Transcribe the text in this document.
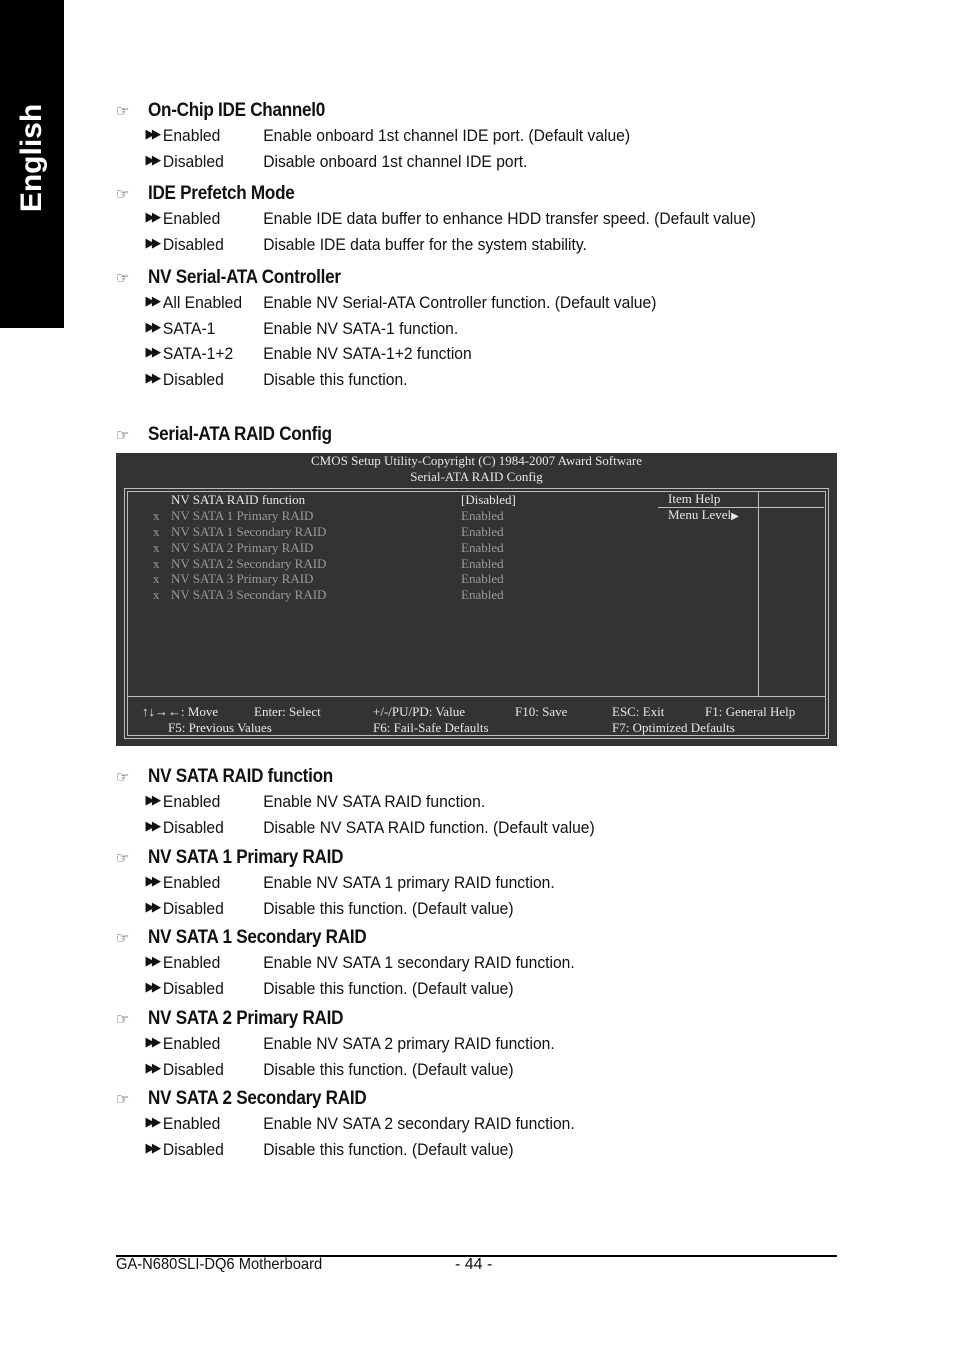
English	☞ On-Chip IDE Channel0
▶▶ Enabled	Enable onboard 1st channel IDE port. (Default value)
▶▶ Disabled Disable onboard 1st channel IDE port.
☞ IDE Prefetch Mode
▶▶ Enabled	Enable IDE data buffer to enhance HDD transfer speed. (Default value)
▶▶ Disabled Disable IDE data buffer for the system stability.
☞ NV Serial-ATA Controller
▶▶ All Enabled Enable NV Serial-ATA Controller function. (Default value)
▶▶ SATA-1	Enable NV SATA-1 function.
▶▶ SATA-1+2 Enable NV SATA-1+2 function
▶▶ Disabled Disable this function.
☞ Serial-ATA RAID Config
CMOS Setup Utility-Copyright (C) 1984-2007 Award Software
Serial-ATA RAID Config
NV SATA RAID function	[Disabled]
x NV SATA 1 Primary RAID	Enabled
x NV SATA 1 Secondary RAID	Enabled
x NV SATA 2 Primary RAID	Enabled
x NV SATA 2 Secondary RAID	Enabled
x NV SATA 3 Primary RAID	Enabled
x NV SATA 3 Secondary RAID	Enabled
Item Help
Menu Level▶
↑↓→←: Move	Enter: Select	+/-/PU/PD: Value	F10: Save	ESC: Exit	F1: General Help
F5: Previous Values	F6: Fail-Safe Defaults	F7: Optimized Defaults
☞ NV SATA RAID function
▶▶ Enabled	Enable NV SATA RAID function.
▶▶ Disabled Disable NV SATA RAID function. (Default value)
☞ NV SATA 1 Primary RAID
▶▶ Enabled	Enable NV SATA 1 primary RAID function.
▶▶ Disabled Disable this function. (Default value)
☞ NV SATA 1 Secondary RAID
▶▶ Enabled	Enable NV SATA 1 secondary RAID function.
▶▶ Disabled Disable this function. (Default value)
☞ NV SATA 2 Primary RAID
▶▶ Enabled	Enable NV SATA 2 primary RAID function.
▶▶ Disabled Disable this function. (Default value)
☞ NV SATA 2 Secondary RAID
▶▶ Enabled	Enable NV SATA 2 secondary RAID function.
▶▶ Disabled Disable this function. (Default value)
GA-N680SLI-DQ6 Motherboard	- 44 -
